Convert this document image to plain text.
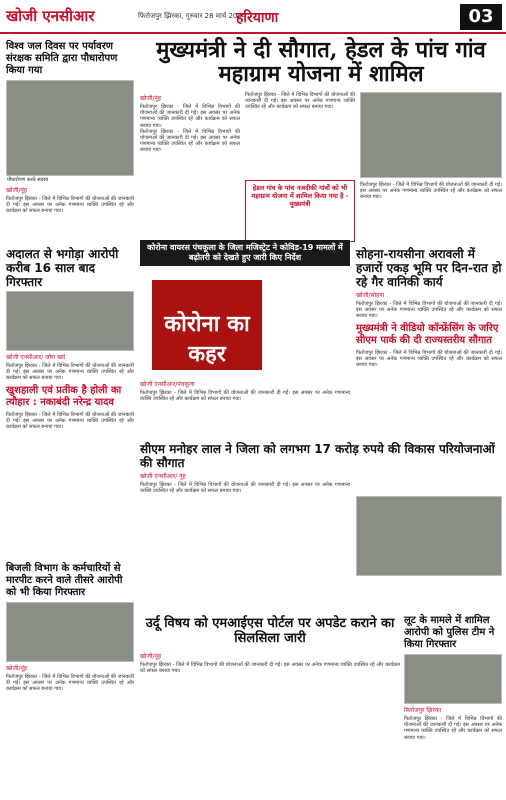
खोजी एनसीआर	फिरोजपुर झिरका, गुरुवार 28 मार्च 2024
हरियाणा	03
विश्व जल दिवस पर पर्यावरण संरक्षक समिति द्वारा पौधारोपण किया गया
पौधारोपण करते सदस्य
खोजी/नूंह
फिरोजपुर झिरका - जिले में विभिन्न विभागों की योजनाओं की जानकारी दी गई। इस अवसर पर अनेक गणमान्य व्यक्ति उपस्थित रहे और कार्यक्रम को सफल बनाया गया।
मुख्यमंत्री ने दी सौगात, हेडल के पांच गांव महाग्राम योजना में शामिल
खोजी/नूंह
फिरोजपुर झिरका - जिले में विभिन्न विभागों की योजनाओं की जानकारी दी गई। इस अवसर पर अनेक गणमान्य व्यक्ति उपस्थित रहे और कार्यक्रम को सफल बनाया गया।
फिरोजपुर झिरका - जिले में विभिन्न विभागों की योजनाओं की जानकारी दी गई। इस अवसर पर अनेक गणमान्य व्यक्ति उपस्थित रहे और कार्यक्रम को सफल बनाया गया।
फिरोजपुर झिरका - जिले में विभिन्न विभागों की योजनाओं की जानकारी दी गई। इस अवसर पर अनेक गणमान्य व्यक्ति उपस्थित रहे और कार्यक्रम को सफल बनाया गया।
हेडल गांव के पांच नजदीकी गांवों को भी महाग्राम योजना में शामिल किया गया है - मुख्यमंत्री
फिरोजपुर झिरका - जिले में विभिन्न विभागों की योजनाओं की जानकारी दी गई। इस अवसर पर अनेक गणमान्य व्यक्ति उपस्थित रहे और कार्यक्रम को सफल बनाया गया।
अदालत से भगोड़ा आरोपी करीब 16 साल बाद गिरफ्तार
खोजी एनसीआर/ जोरा खर्द
फिरोजपुर झिरका - जिले में विभिन्न विभागों की योजनाओं की जानकारी दी गई। इस अवसर पर अनेक गणमान्य व्यक्ति उपस्थित रहे और कार्यक्रम को सफल बनाया गया।
खुशहाली एवं प्रतीक है होली का त्यौहार : नकाबंदी नरेन्द्र यादव
फिरोजपुर झिरका - जिले में विभिन्न विभागों की योजनाओं की जानकारी दी गई। इस अवसर पर अनेक गणमान्य व्यक्ति उपस्थित रहे और कार्यक्रम को सफल बनाया गया।
कोरोना वायरस पंचकूला के जिला मजिस्ट्रेट ने कोविड-19 मामलों में बढ़ोतरी को देखते हुए जारी किए निर्देश
कोरोना का कहर
खोजी एनसीआर/पंचकूला
फिरोजपुर झिरका - जिले में विभिन्न विभागों की योजनाओं की जानकारी दी गई। इस अवसर पर अनेक गणमान्य व्यक्ति उपस्थित रहे और कार्यक्रम को सफल बनाया गया।
सोहना-रायसीना अरावली में हजारों एकड़ भूमि पर दिन-रात हो रहे गैर वानिकी कार्य
खोजी/सोहना
फिरोजपुर झिरका - जिले में विभिन्न विभागों की योजनाओं की जानकारी दी गई। इस अवसर पर अनेक गणमान्य व्यक्ति उपस्थित रहे और कार्यक्रम को सफल बनाया गया।
मुख्यमंत्री ने वीडियो कॉन्फ्रेंसिंग के जरिए सीएम पार्क की दी राज्यस्तरीय सौगात
फिरोजपुर झिरका - जिले में विभिन्न विभागों की योजनाओं की जानकारी दी गई। इस अवसर पर अनेक गणमान्य व्यक्ति उपस्थित रहे और कार्यक्रम को सफल बनाया गया।
सीएम मनोहर लाल ने जिला को लगभग 17 करोड़ रुपये की विकास परियोजनाओं की सौगात
खोजी एनसीआर/ नूंह
फिरोजपुर झिरका - जिले में विभिन्न विभागों की योजनाओं की जानकारी दी गई। इस अवसर पर अनेक गणमान्य व्यक्ति उपस्थित रहे और कार्यक्रम को सफल बनाया गया।
बिजली विभाग के कर्मचारियों से मारपीट करने वाले तीसरे आरोपी को भी किया गिरफ्तार
खोजी/नूंह
फिरोजपुर झिरका - जिले में विभिन्न विभागों की योजनाओं की जानकारी दी गई। इस अवसर पर अनेक गणमान्य व्यक्ति उपस्थित रहे और कार्यक्रम को सफल बनाया गया।
उर्दू विषय को एमआईएस पोर्टल पर अपडेट कराने का सिलसिला जारी
खोजी/नूंह
फिरोजपुर झिरका - जिले में विभिन्न विभागों की योजनाओं की जानकारी दी गई। इस अवसर पर अनेक गणमान्य व्यक्ति उपस्थित रहे और कार्यक्रम को सफल बनाया गया।
लूट के मामले में शामिल आरोपी को पुलिस टीम ने किया गिरफ्तार
फिरोजपुर झिरका
फिरोजपुर झिरका - जिले में विभिन्न विभागों की योजनाओं की जानकारी दी गई। इस अवसर पर अनेक गणमान्य व्यक्ति उपस्थित रहे और कार्यक्रम को सफल बनाया गया।
